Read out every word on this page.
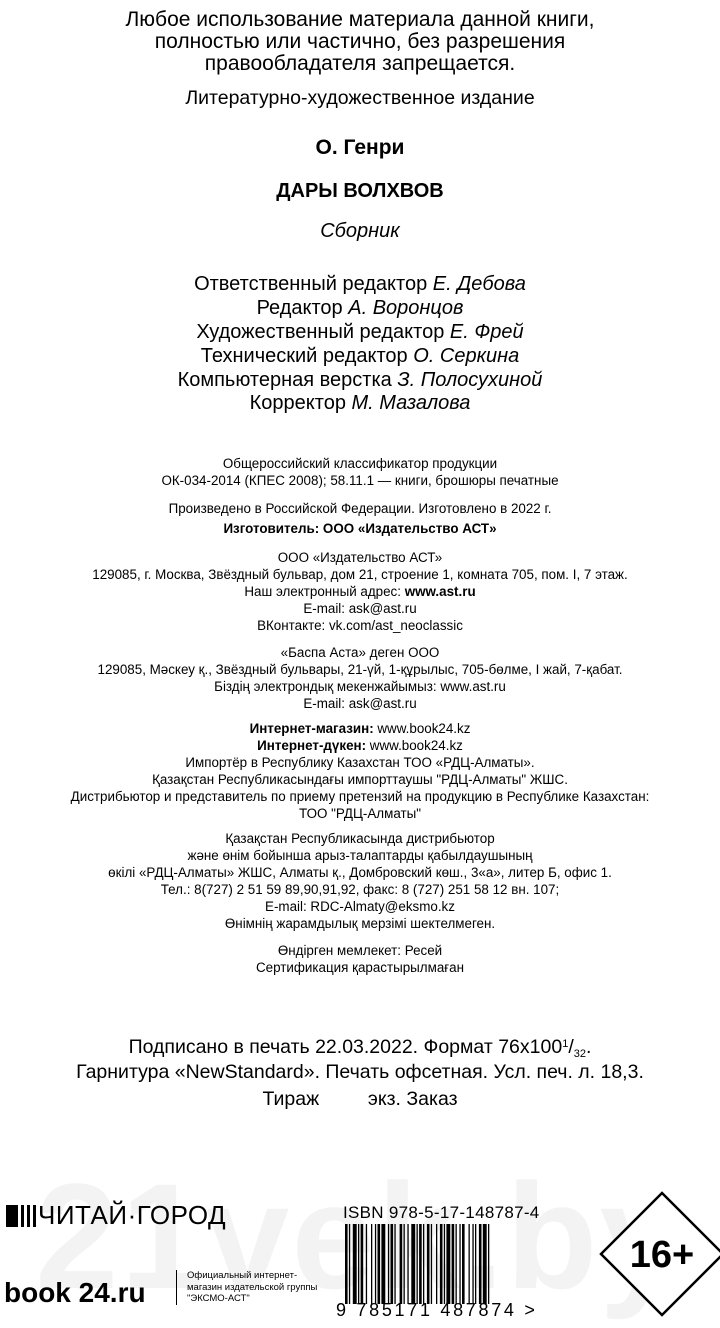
Любое использование материала данной книги,
полностью или частично, без разрешения
правообладателя запрещается.
Литературно-художественное издание
О. Генри
ДАРЫ ВОЛХВОВ
Сборник
Ответственный редактор Е. Дебова
Редактор А. Воронцов
Художественный редактор Е. Фрей
Технический редактор О. Серкина
Компьютерная верстка З. Полосухиной
Корректор М. Мазалова
Общероссийский классификатор продукции
ОК-034-2014 (КПЕС 2008); 58.11.1 — книги, брошюры печатные
Произведено в Российской Федерации. Изготовлено в 2022 г.
Изготовитель: ООО «Издательство АСТ»
ООО «Издательство АСТ»
129085, г. Москва, Звёздный бульвар, дом 21, строение 1, комната 705, пом. I, 7 этаж.
Наш электронный адрес: www.ast.ru
E-mail: ask@ast.ru
ВКонтакте: vk.com/ast_neoclassic
«Баспа Аста» деген ООО
129085, Мәскеу қ., Звёздный бульвары, 21-үй, 1-құрылыс, 705-бөлме, I жай, 7-қабат.
Біздің электрондық мекенжайымыз: www.ast.ru
E-mail: ask@ast.ru
Интернет-магазин: www.book24.kz
Интернет-дүкен: www.book24.kz
Импортёр в Республику Казахстан ТОО «РДЦ-Алматы».
Қазақстан Республикасындағы импорттаушы "РДЦ-Алматы" ЖШС.
Дистрибьютор и представитель по приему претензий на продукцию в Республике Казахстан:
ТОО "РДЦ-Алматы"
Қазақстан Республикасында дистрибьютор
және өнім бойынша арыз-талаптарды қабылдаушының
өкілі «РДЦ-Алматы» ЖШС, Алматы қ., Домбровский көш., 3«а», литер Б, офис 1.
Тел.: 8(727) 2 51 59 89,90,91,92, факс: 8 (727) 251 58 12 вн. 107;
E-mail: RDC-Almaty@eksmo.kz
Өнімнің жарамдылық мерзімі шектелмеген.
Өндірген мемлекет: Ресей
Сертификация қарастырылмаған
Подписано в печать 22.03.2022. Формат $76х100^1/_{32}$.
Гарнитура «NewStandard». Печать офсетная. Усл. печ. л. 18,3.
Тираж         экз. Заказ
ЧИТАЙ·ГОРОД
book 24.ru
Официальный интернет-магазин издательской группы "ЭКСМО-АСТ"
ISBN 978-5-17-148787-4
9 785171 487874 >
16+
